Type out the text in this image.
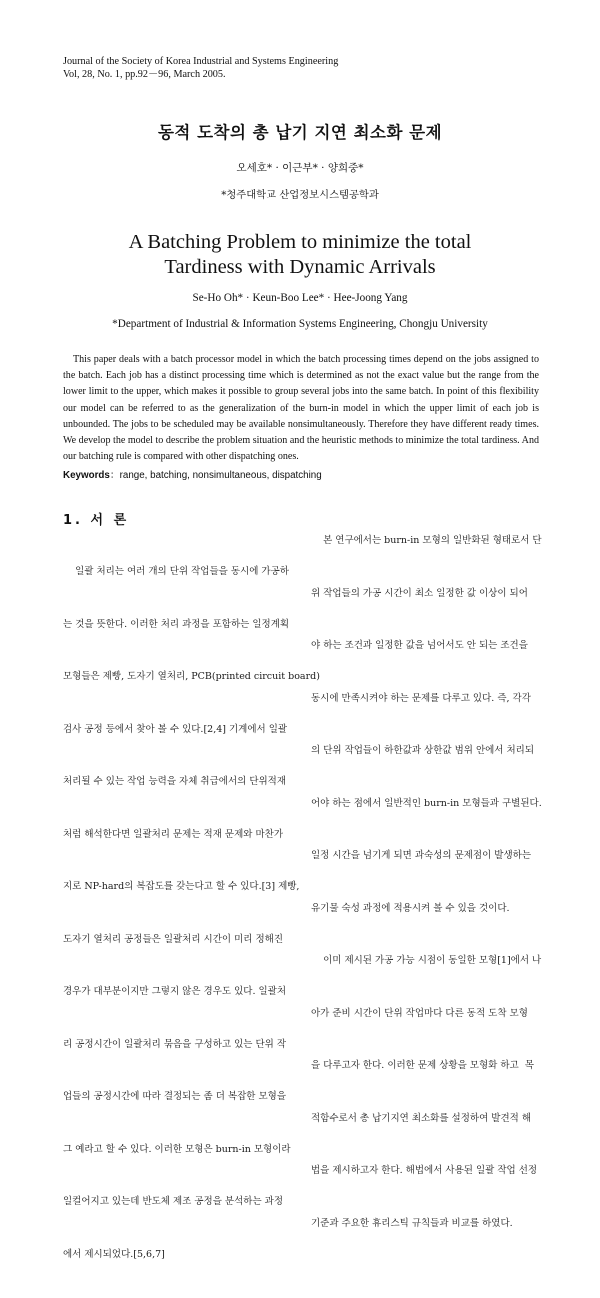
Journal of the Society of Korea Industrial and Systems Engineering
Vol, 28, No. 1, pp.92－96, March 2005.
동적 도착의 총 납기 지연 최소화 문제
오세호* · 이근부* · 양희중*
*청주대학교 산업정보시스템공학과
A Batching Problem to minimize the total
Tardiness with Dynamic Arrivals
Se-Ho Oh* · Keun-Boo Lee* · Hee-Joong Yang
*Department of Industrial & Information Systems Engineering, Chongju University
This paper deals with a batch processor model in which the batch processing times depend on the jobs assigned to the batch. Each job has a distinct processing time which is determined as not the exact value but the range from the lower limit to the upper, which makes it possible to group several jobs into the same batch. In point of this flexibility our model can be referred to as the generalization of the burn-in model in which the upper limit of each job is unbounded. The jobs to be scheduled may be available nonsimultaneously. Therefore they have different ready times. We develop the model to describe the problem situation and the heuristic methods to minimize the total tardiness. And our batching rule is compared with other dispatching ones.
Keywords：range, batching, nonsimultaneous, dispatching
1. 서 론

일괄 처리는 여러 개의 단위 작업들을 동시에 가공하

는 것을 뜻한다. 이러한 처리 과정을 포함하는 일정계획

모형들은 제빵, 도자기 열처리, PCB(printed circuit board)

검사 공정 등에서 찾아 볼 수 있다.[2,4] 기계에서 일괄

처리될 수 있는 작업 능력을 자체 취급에서의 단위적재

처럼 해석한다면 일괄처리 문제는 적재 문제와 마찬가

지로 NP-hard의 복잡도를 갖는다고 할 수 있다.[3] 제빵,

도자기 열처리 공정들은 일괄처리 시간이 미리 정해진

경우가 대부분이지만 그렇지 않은 경우도 있다. 일괄처

리 공정시간이 일괄처리 묶음을 구성하고 있는 단위 작

업들의 공정시간에 따라 결정되는 좀 더 복잡한 모형을

그 예라고 할 수 있다. 이러한 모형은 burn-in 모형이라

일컬어지고 있는데 반도체 제조 공정을 분석하는 과정

에서 제시되었다.[5,6,7]

본 연구에서는 burn-in 모형의 일반화된 형태로서 단

위 작업들의 가공 시간이 최소 일정한 값 이상이 되어

야 하는 조건과 일정한 값을 넘어서도 안 되는 조건을

동시에 만족시켜야 하는 문제를 다루고 있다. 즉, 각각

의 단위 작업들이 하한값과 상한값 범위 안에서 처리되

어야 하는 점에서 일반적인 burn-in 모형들과 구별된다.

일정 시간을 넘기게 되면 과숙성의 문제점이 발생하는

유기물 숙성 과정에 적용시켜 볼 수 있을 것이다.

이미 제시된 가공 가능 시점이 동일한 모형[1]에서 나

아가 준비 시간이 단위 작업마다 다른 동적 도착 모형

을 다루고자 한다. 이러한 문제 상황을 모형화 하고  목

적함수로서 총 납기지연 최소화를 설정하여 발견적 해

법을 제시하고자 한다. 해법에서 사용된 일괄 작업 선정

기준과 주요한 휴리스틱 규칙들과 비교를 하였다.
